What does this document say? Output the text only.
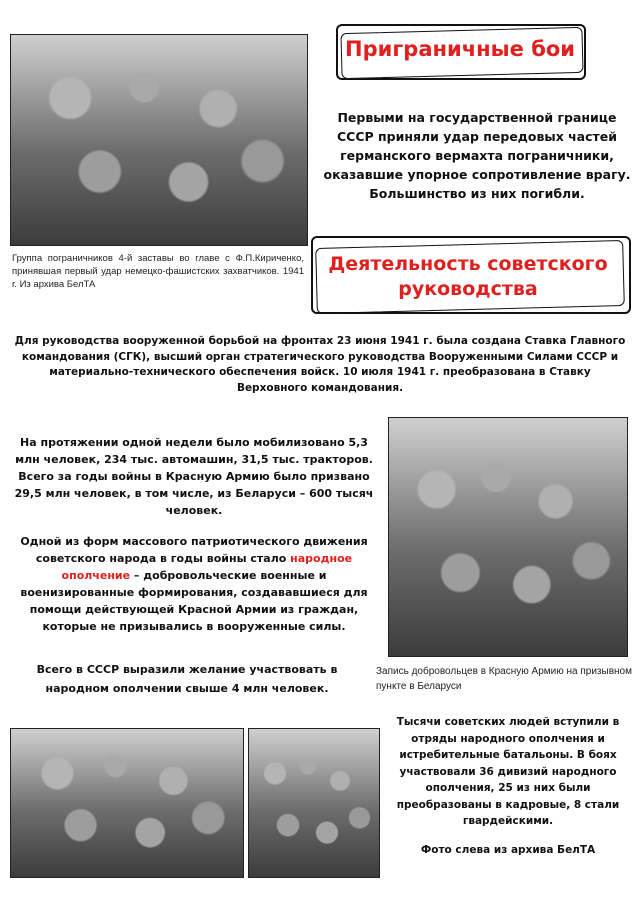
Группа пограничников 4-й заставы во главе с Ф.П.Кириченко, принявшая первый удар немецко-фашистских захватчиков. 1941 г. Из архива БелТА
Приграничные бои
Первыми на государственной границе СССР приняли удар передовых частей германского вермахта пограничники, оказавшие упорное сопротивление врагу. Большинство из них погибли.
Деятельность советского
руководства
Для руководства вооруженной борьбой на фронтах 23 июня 1941 г. была создана Ставка Главного командования (СГК), высший орган стратегического руководства Вооруженными Силами СССР и материально-технического обеспечения войск. 10 июля 1941 г. преобразована в Ставку Верховного командования.
На протяжении одной недели было мобилизовано 5,3 млн человек, 234 тыс. автомашин, 31,5 тыс. тракторов. Всего за годы войны в Красную Армию было призвано 29,5 млн человек, в том числе, из Беларуси – 600 тысяч человек.
Одной из форм массового патриотического движения советского народа в годы войны стало народное ополчение – добровольческие военные и военизированные формирования, создававшиеся для помощи действующей Красной Армии из граждан, которые не призывались в вооруженные силы.
Всего в СССР выразили желание участвовать в народном ополчении свыше 4 млн человек.
Запись добровольцев в Красную Армию на призывном пункте в Беларуси
Тысячи советских людей вступили в отряды народного ополчения и истребительные батальоны. В боях участвовали 36 дивизий народного ополчения, 25 из них были преобразованы в кадровые, 8 стали гвардейскими.
Фото слева из архива БелТА
